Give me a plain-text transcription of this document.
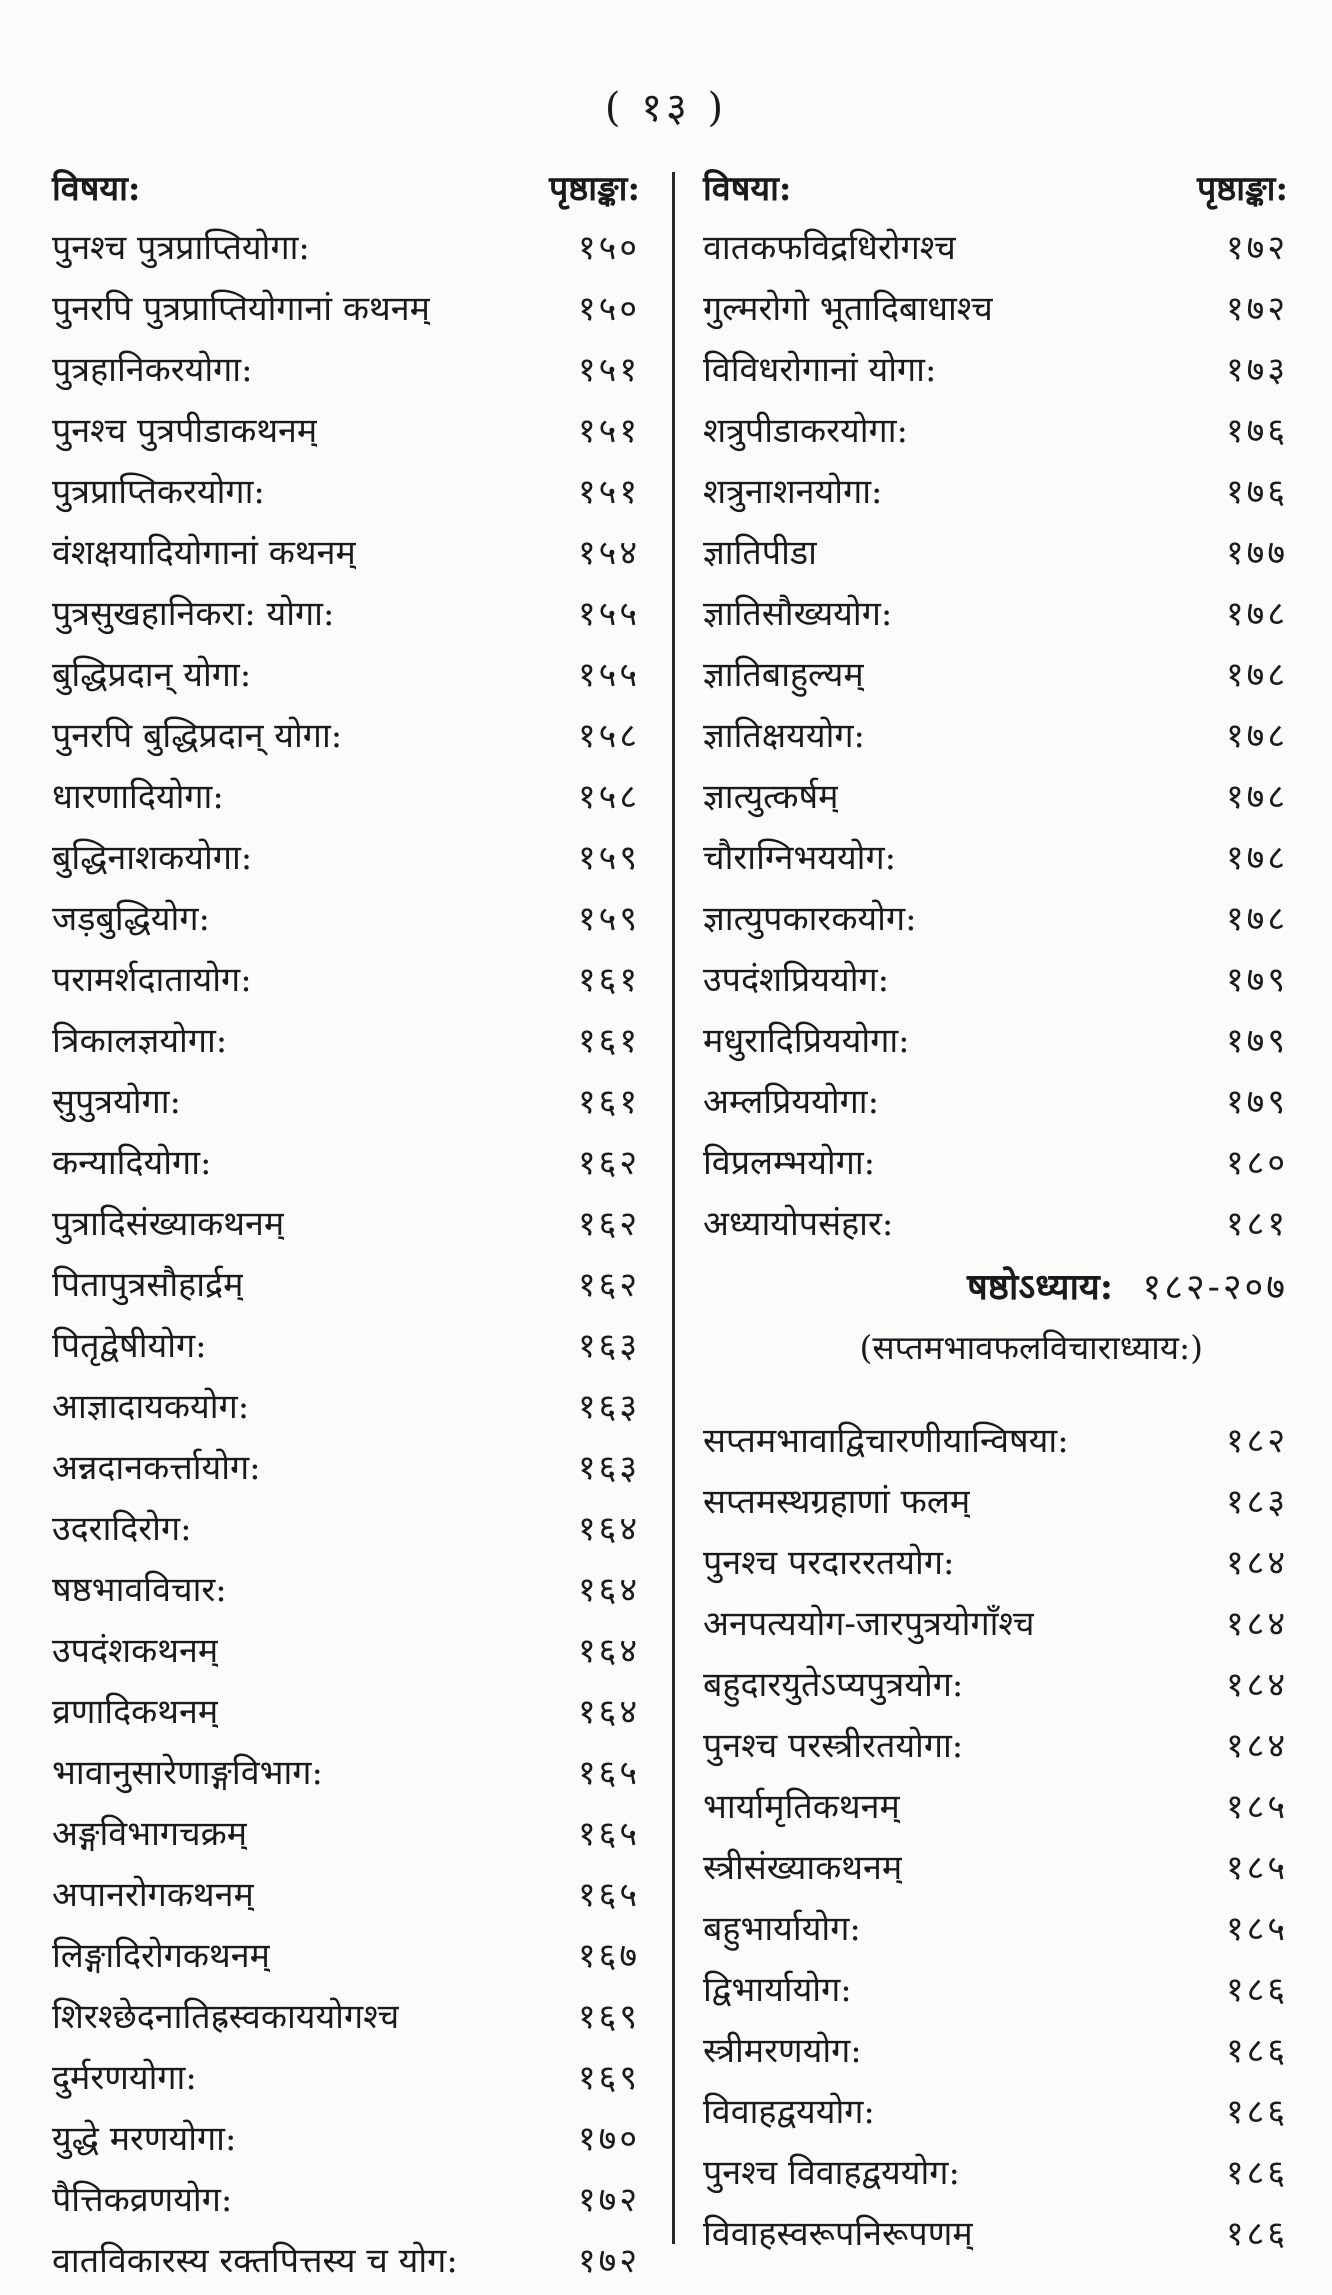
( १३ )
विषया:	पृष्ठाङ्का:
पुनश्च पुत्रप्राप्तियोगा:	१५०
पुनरपि पुत्रप्राप्तियोगानां कथनम्	१५०
पुत्रहानिकरयोगा:	१५१
पुनश्च पुत्रपीडाकथनम्	१५१
पुत्रप्राप्तिकरयोगा:	१५१
वंशक्षयादियोगानां कथनम्	१५४
पुत्रसुखहानिकरा: योगा:	१५५
बुद्धिप्रदान् योगा:	१५५
पुनरपि बुद्धिप्रदान् योगा:	१५८
धारणादियोगा:	१५८
बुद्धिनाशकयोगा:	१५९
जड़बुद्धियोग:	१५९
परामर्शदातायोग:	१६१
त्रिकालज्ञयोगा:	१६१
सुपुत्रयोगा:	१६१
कन्यादियोगा:	१६२
पुत्रादिसंख्याकथनम्	१६२
पितापुत्रसौहार्द्रम्	१६२
पितृद्वेषीयोग:	१६३
आज्ञादायकयोग:	१६३
अन्नदानकर्त्तायोग:	१६३
उदरादिरोग:	१६४
षष्ठभावविचार:	१६४
उपदंशकथनम्	१६४
व्रणादिकथनम्	१६४
भावानुसारेणाङ्गविभाग:	१६५
अङ्गविभागचक्रम्	१६५
अपानरोगकथनम्	१६५
लिङ्गादिरोगकथनम्	१६७
शिरश्छेदनातिह्रस्वकाययोगश्च	१६९
दुर्मरणयोगा:	१६९
युद्धे मरणयोगा:	१७०
पैत्तिकव्रणयोग:	१७२
वातविकारस्य रक्तपित्तस्य च योग:	१७२
विषया:	पृष्ठाङ्का:
वातकफविद्रधिरोगश्च	१७२
गुल्मरोगो भूतादिबाधाश्च	१७२
विविधरोगानां योगा:	१७३
शत्रुपीडाकरयोगा:	१७६
शत्रुनाशनयोगा:	१७६
ज्ञातिपीडा	१७७
ज्ञातिसौख्ययोग:	१७८
ज्ञातिबाहुल्यम्	१७८
ज्ञातिक्षययोग:	१७८
ज्ञात्युत्कर्षम्	१७८
चौराग्निभययोग:	१७८
ज्ञात्युपकारकयोग:	१७८
उपदंशप्रिययोग:	१७९
मधुरादिप्रिययोगा:	१७९
अम्लप्रिययोगा:	१७९
विप्रलम्भयोगा:	१८०
अध्यायोपसंहार:	१८१
षष्ठोऽध्याय: १८२-२०७
(सप्तमभावफलविचाराध्याय:)
सप्तमभावाद्विचारणीयान्विषया:	१८२
सप्तमस्थग्रहाणां फलम्	१८३
पुनश्च परदाररतयोग:	१८४
अनपत्ययोग-जारपुत्रयोगाँश्च	१८४
बहुदारयुतेऽप्यपुत्रयोग:	१८४
पुनश्च परस्त्रीरतयोगा:	१८४
भार्यामृतिकथनम्	१८५
स्त्रीसंख्याकथनम्	१८५
बहुभार्यायोग:	१८५
द्विभार्यायोग:	१८६
स्त्रीमरणयोग:	१८६
विवाहद्वययोग:	१८६
पुनश्च विवाहद्वययोग:	१८६
विवाहस्वरूपनिरूपणम्	१८६
